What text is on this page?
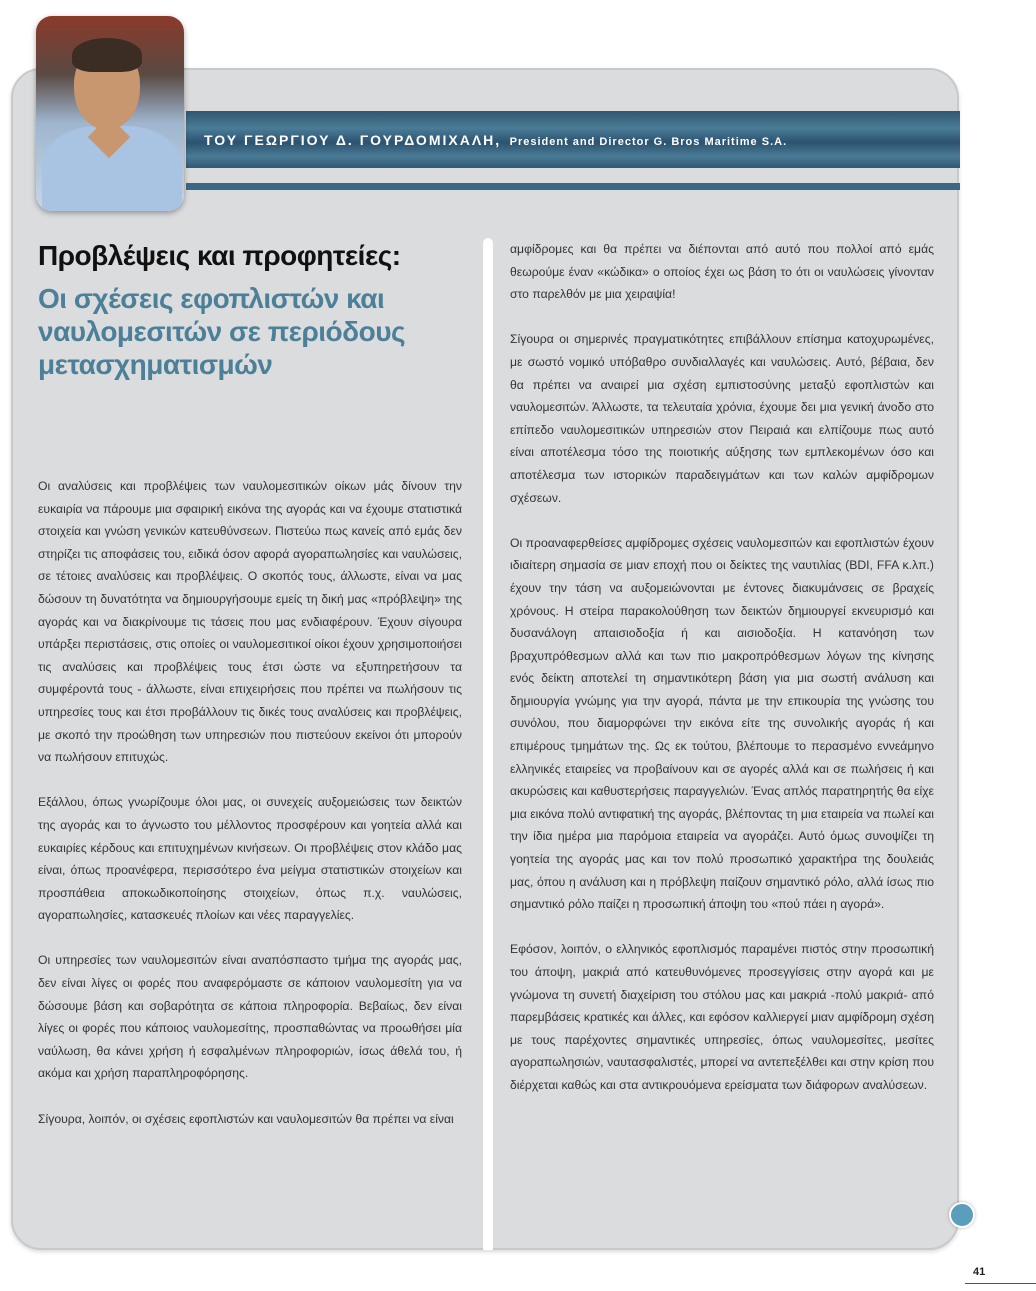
ΤΟΥ ΓΕΩΡΓΙΟΥ Δ. ΓΟΥΡΔΟΜΙΧΑΛΗ, President and Director G. Bros Maritime S.A.
Προβλέψεις και προφητείες:
Οι σχέσεις εφοπλιστών και ναυλομεσιτών σε περιόδους μετασχηματισμών

Οι αναλύσεις και προβλέψεις των ναυλομεσιτικών οίκων μάς δίνουν την ευκαιρία να πάρουμε μια σφαιρική εικόνα της αγοράς και να έχουμε στατιστικά στοιχεία και γνώση γενικών κατευθύνσεων. Πιστεύω πως κανείς από εμάς δεν στηρίζει τις αποφάσεις του, ειδικά όσον αφορά αγοραπωλησίες και ναυλώσεις, σε τέτοιες αναλύσεις και προβλέψεις. Ο σκοπός τους, άλλωστε, είναι να μας δώσουν τη δυνατότητα να δημιουργήσουμε εμείς τη δική μας «πρόβλεψη» της αγοράς και να διακρίνουμε τις τάσεις που μας ενδιαφέρουν. Έχουν σίγουρα υπάρξει περιστάσεις, στις οποίες οι ναυλομεσιτικοί οίκοι έχουν χρησιμοποιήσει τις αναλύσεις και προβλέψεις τους έτσι ώστε να εξυπηρετήσουν τα συμφέροντά τους - άλλωστε, είναι επιχειρήσεις που πρέπει να πωλήσουν τις υπηρεσίες τους και έτσι προβάλλουν τις δικές τους αναλύσεις και προβλέψεις, με σκοπό την προώθηση των υπηρεσιών που πιστεύουν εκείνοι ότι μπορούν να πωλήσουν επιτυχώς.

Εξάλλου, όπως γνωρίζουμε όλοι μας, οι συνεχείς αυξομειώσεις των δεικτών της αγοράς και το άγνωστο του μέλλοντος προσφέρουν και γοητεία αλλά και ευκαιρίες κέρδους και επιτυχημένων κινήσεων. Οι προβλέψεις στον κλάδο μας είναι, όπως προανέφερα, περισσότερο ένα μείγμα στατιστικών στοιχείων και προσπάθεια αποκωδικοποίησης στοιχείων, όπως π.χ. ναυλώσεις, αγοραπωλησίες, κατασκευές πλοίων και νέες παραγγελίες.

Οι υπηρεσίες των ναυλομεσιτών είναι αναπόσπαστο τμήμα της αγοράς μας, δεν είναι λίγες οι φορές που αναφερόμαστε σε κάποιον ναυλομεσίτη για να δώσουμε βάση και σοβαρότητα σε κάποια πληροφορία. Βεβαίως, δεν είναι λίγες οι φορές που κάποιος ναυλομεσίτης, προσπαθώντας να προωθήσει μία ναύλωση, θα κάνει χρήση ή εσφαλμένων πληροφοριών, ίσως άθελά του, ή ακόμα και χρήση παραπληροφόρησης.

Σίγουρα, λοιπόν, οι σχέσεις εφοπλιστών και ναυλομεσιτών θα πρέπει να είναι

αμφίδρομες και θα πρέπει να διέπονται από αυτό που πολλοί από εμάς θεωρούμε έναν «κώδικα» ο οποίος έχει ως βάση το ότι οι ναυλώσεις γίνονταν στο παρελθόν με μια χειραψία!

Σίγουρα οι σημερινές πραγματικότητες επιβάλλουν επίσημα κατοχυρωμένες, με σωστό νομικό υπόβαθρο συνδιαλλαγές και ναυλώσεις. Αυτό, βέβαια, δεν θα πρέπει να αναιρεί μια σχέση εμπιστοσύνης μεταξύ εφοπλιστών και ναυλομεσιτών. Άλλωστε, τα τελευταία χρόνια, έχουμε δει μια γενική άνοδο στο επίπεδο ναυλομεσιτικών υπηρεσιών στον Πειραιά και ελπίζουμε πως αυτό είναι αποτέλεσμα τόσο της ποιοτικής αύξησης των εμπλεκομένων όσο και αποτέλεσμα των ιστορικών παραδειγμάτων και των καλών αμφίδρομων σχέσεων.

Οι προαναφερθείσες αμφίδρομες σχέσεις ναυλομεσιτών και εφοπλιστών έχουν ιδιαίτερη σημασία σε μιαν εποχή που οι δείκτες της ναυτιλίας (BDI, FFA κ.λπ.) έχουν την τάση να αυξομειώνονται με έντονες διακυμάνσεις σε βραχείς χρόνους. Η στείρα παρακολούθηση των δεικτών δημιουργεί εκνευρισμό και δυσανάλογη απαισιοδοξία ή και αισιοδοξία. Η κατανόηση των βραχυπρόθεσμων αλλά και των πιο μακροπρόθεσμων λόγων της κίνησης ενός δείκτη αποτελεί τη σημαντικότερη βάση για μια σωστή ανάλυση και δημιουργία γνώμης για την αγορά, πάντα με την επικουρία της γνώσης του συνόλου, που διαμορφώνει την εικόνα είτε της συνολικής αγοράς ή και επιμέρους τμημάτων της. Ως εκ τούτου, βλέπουμε το περασμένο εννεάμηνο ελληνικές εταιρείες να προβαίνουν και σε αγορές αλλά και σε πωλήσεις ή και ακυρώσεις και καθυστερήσεις παραγγελιών. Ένας απλός παρατηρητής θα είχε μια εικόνα πολύ αντιφατική της αγοράς, βλέποντας τη μια εταιρεία να πωλεί και την ίδια ημέρα μια παρόμοια εταιρεία να αγοράζει. Αυτό όμως συνοψίζει τη γοητεία της αγοράς μας και τον πολύ προσωπικό χαρακτήρα της δουλειάς μας, όπου η ανάλυση και η πρόβλεψη παίζουν σημαντικό ρόλο, αλλά ίσως πιο σημαντικό ρόλο παίζει η προσωπική άποψη του «πού πάει η αγορά».

Εφόσον, λοιπόν, ο ελληνικός εφοπλισμός παραμένει πιστός στην προσωπική του άποψη, μακριά από κατευθυνόμενες προσεγγίσεις στην αγορά και με γνώμονα τη συνετή διαχείριση του στόλου μας και μακριά -πολύ μακριά- από παρεμβάσεις κρατικές και άλλες, και εφόσον καλλιεργεί μιαν αμφίδρομη σχέση με τους παρέχοντες σημαντικές υπηρεσίες, όπως ναυλομεσίτες, μεσίτες αγοραπωλησιών, ναυτασφαλιστές, μπορεί να αντεπεξέλθει και στην κρίση που διέρχεται καθώς και στα αντικρουόμενα ερείσματα των διάφορων αναλύσεων.

41
